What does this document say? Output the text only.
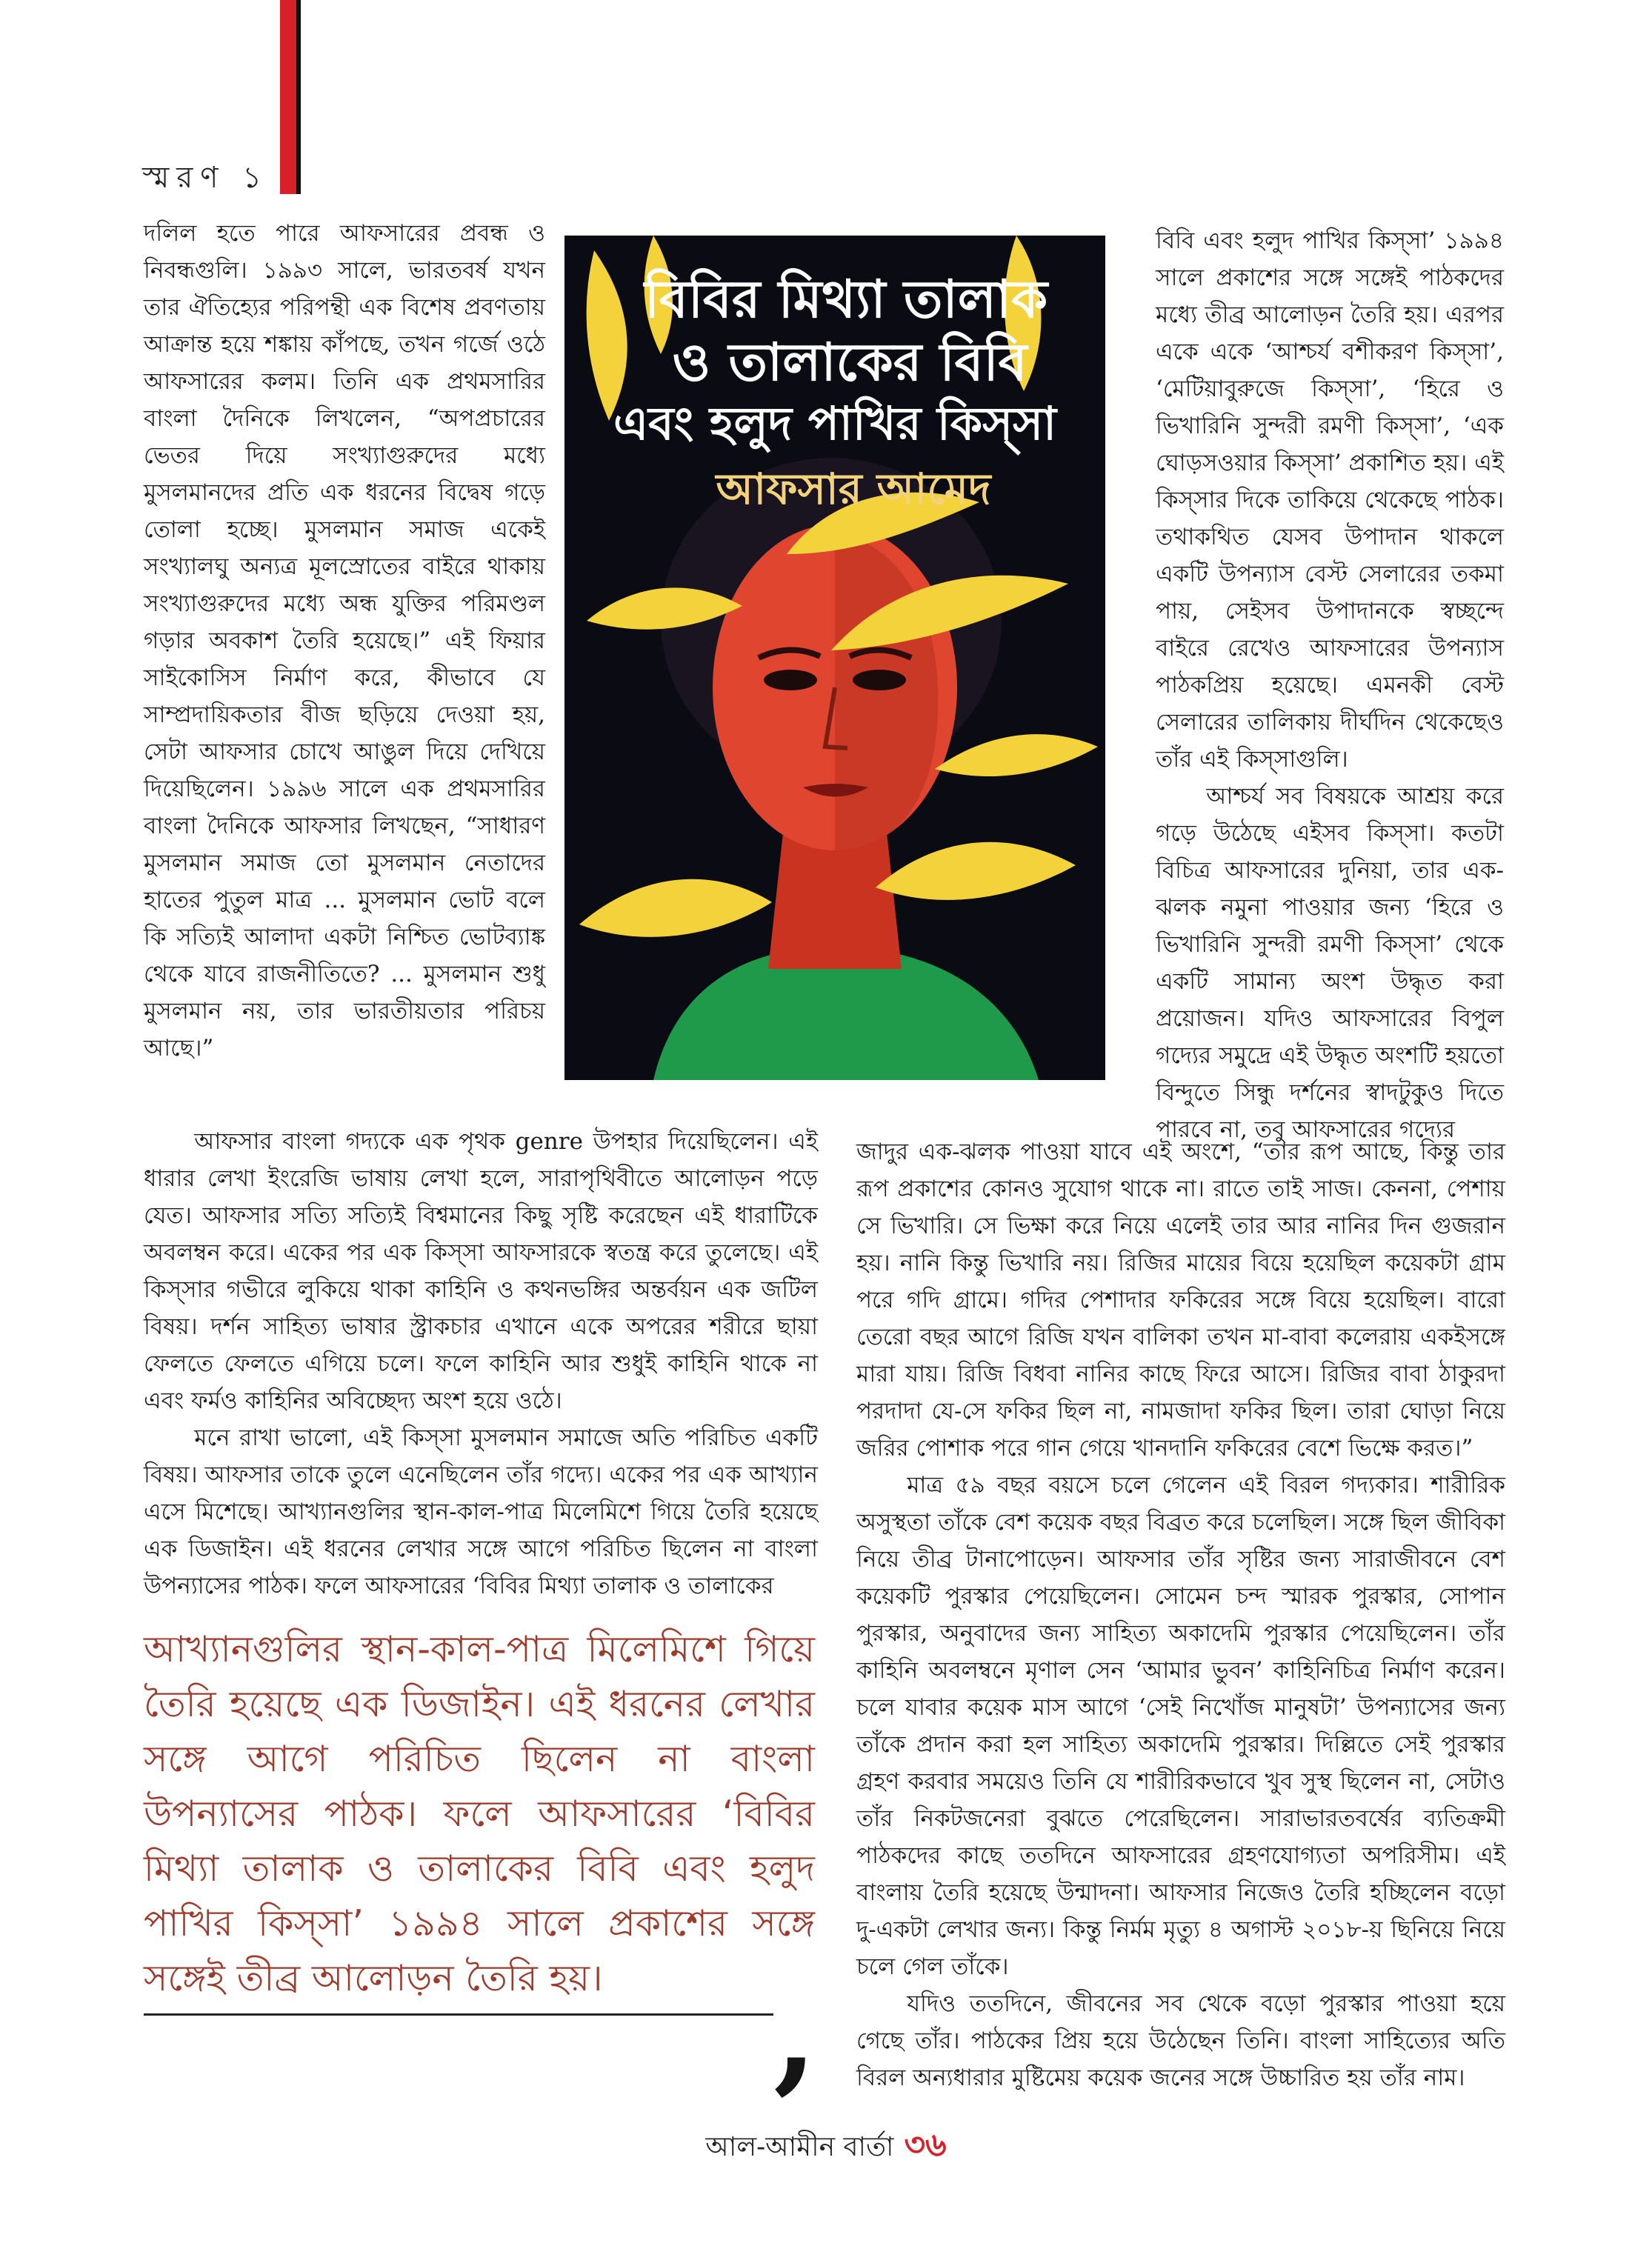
স্মরণ ১

দলিল হতে পারে আফসারের প্রবন্ধ ও নিবন্ধগুলি। ১৯৯৩ সালে, ভারতবর্ষ যখন তার ঐতিহ্যের পরিপন্থী এক বিশেষ প্রবণতায় আক্রান্ত হয়ে শঙ্কায় কাঁপছে, তখন গর্জে ওঠে আফসারের কলম। তিনি এক প্রথমসারির বাংলা দৈনিকে লিখলেন, “অপপ্রচারের ভেতর দিয়ে সংখ্যাগুরুদের মধ্যে মুসলমানদের প্রতি এক ধরনের বিদ্বেষ গড়ে তোলা হচ্ছে। মুসলমান সমাজ একেই সংখ্যালঘু অন্যত্র মূলস্রোতের বাইরে থাকায় সংখ্যাগুরুদের মধ্যে অন্ধ যুক্তির পরিমণ্ডল গড়ার অবকাশ তৈরি হয়েছে।” এই ফিয়ার সাইকোসিস নির্মাণ করে, কীভাবে যে সাম্প্রদায়িকতার বীজ ছড়িয়ে দেওয়া হয়, সেটা আফসার চোখে আঙুল দিয়ে দেখিয়ে দিয়েছিলেন। ১৯৯৬ সালে এক প্রথমসারির বাংলা দৈনিকে আফসার লিখছেন, “সাধারণ মুসলমান সমাজ তো মুসলমান নেতাদের হাতের পুতুল মাত্র ... মুসলমান ভোট বলে কি সত্যিই আলাদা একটা নিশ্চিত ভোটব্যাঙ্ক থেকে যাবে রাজনীতিতে? ... মুসলমান শুধু মুসলমান নয়, তার ভারতীয়তার পরিচয় আছে।”

বিবির মিথ্যা তালাক
ও তালাকের বিবি
এবং হলুদ পাখির কিস্‌সা
আফসার আমেদ

বিবি এবং হলুদ পাখির কিস্‌সা’ ১৯৯৪ সালে প্রকাশের সঙ্গে সঙ্গেই পাঠকদের মধ্যে তীব্র আলোড়ন তৈরি হয়। এরপর একে একে ‘আশ্চর্য বশীকরণ কিস্‌সা’, ‘মেটিয়াবুরুজে কিস্‌সা’, ‘হিরে ও ভিখারিনি সুন্দরী রমণী কিস্‌সা’, ‘এক ঘোড়সওয়ার কিস্‌সা’ প্রকাশিত হয়। এই কিস্‌সার দিকে তাকিয়ে থেকেছে পাঠক। তথাকথিত যেসব উপাদান থাকলে একটি উপন্যাস বেস্ট সেলারের তকমা পায়, সেইসব উপাদানকে স্বচ্ছন্দে বাইরে রেখেও আফসারের উপন্যাস পাঠকপ্রিয় হয়েছে। এমনকী বেস্ট সেলারের তালিকায় দীর্ঘদিন থেকেছেও তাঁর এই কিস্‌সাগুলি।

আশ্চর্য সব বিষয়কে আশ্রয় করে গড়ে উঠেছে এইসব কিস্‌সা। কতটা বিচিত্র আফসারের দুনিয়া, তার এক-ঝলক নমুনা পাওয়ার জন্য ‘হিরে ও ভিখারিনি সুন্দরী রমণী কিস্‌সা’ থেকে একটি সামান্য অংশ উদ্ধৃত করা প্রয়োজন। যদিও আফসারের বিপুল গদ্যের সমুদ্রে এই উদ্ধৃত অংশটি হয়তো বিন্দুতে সিন্ধু দর্শনের স্বাদটুকুও দিতে পারবে না, তবু আফসারের গদ্যের

আফসার বাংলা গদ্যকে এক পৃথক genre উপহার দিয়েছিলেন। এই ধারার লেখা ইংরেজি ভাষায় লেখা হলে, সারাপৃথিবীতে আলোড়ন পড়ে যেত। আফসার সত্যি সত্যিই বিশ্বমানের কিছু সৃষ্টি করেছেন এই ধারাটিকে অবলম্বন করে। একের পর এক কিস্‌সা আফসারকে স্বতন্ত্র করে তুলেছে। এই কিস্‌সার গভীরে লুকিয়ে থাকা কাহিনি ও কথনভঙ্গির অন্তর্বয়ন এক জটিল বিষয়। দর্শন সাহিত্য ভাষার স্ট্রাকচার এখানে একে অপরের শরীরে ছায়া ফেলতে ফেলতে এগিয়ে চলে। ফলে কাহিনি আর শুধুই কাহিনি থাকে না এবং ফর্মও কাহিনির অবিচ্ছেদ্য অংশ হয়ে ওঠে।

মনে রাখা ভালো, এই কিস্‌সা মুসলমান সমাজে অতি পরিচিত একটি বিষয়। আফসার তাকে তুলে এনেছিলেন তাঁর গদ্যে। একের পর এক আখ্যান এসে মিশেছে। আখ্যানগুলির স্থান-কাল-পাত্র মিলেমিশে গিয়ে তৈরি হয়েছে এক ডিজাইন। এই ধরনের লেখার সঙ্গে আগে পরিচিত ছিলেন না বাংলা উপন্যাসের পাঠক। ফলে আফসারের ‘বিবির মিথ্যা তালাক ও তালাকের

জাদুর এক-ঝলক পাওয়া যাবে এই অংশে, “তার রূপ আছে, কিন্তু তার রূপ প্রকাশের কোনও সুযোগ থাকে না। রাতে তাই সাজ। কেননা, পেশায় সে ভিখারি। সে ভিক্ষা করে নিয়ে এলেই তার আর নানির দিন গুজরান হয়। নানি কিন্তু ভিখারি নয়। রিজির মায়ের বিয়ে হয়েছিল কয়েকটা গ্রাম পরে গদি গ্রামে। গদির পেশাদার ফকিরের সঙ্গে বিয়ে হয়েছিল। বারো তেরো বছর আগে রিজি যখন বালিকা তখন মা-বাবা কলেরায় একইসঙ্গে মারা যায়। রিজি বিধবা নানির কাছে ফিরে আসে। রিজির বাবা ঠাকুরদা পরদাদা যে-সে ফকির ছিল না, নামজাদা ফকির ছিল। তারা ঘোড়া নিয়ে জরির পোশাক পরে গান গেয়ে খানদানি ফকিরের বেশে ভিক্ষে করত।”

মাত্র ৫৯ বছর বয়সে চলে গেলেন এই বিরল গদ্যকার। শারীরিক অসুস্থতা তাঁকে বেশ কয়েক বছর বিব্রত করে চলেছিল। সঙ্গে ছিল জীবিকা নিয়ে তীব্র টানাপোড়েন। আফসার তাঁর সৃষ্টির জন্য সারাজীবনে বেশ কয়েকটি পুরস্কার পেয়েছিলেন। সোমেন চন্দ স্মারক পুরস্কার, সোপান পুরস্কার, অনুবাদের জন্য সাহিত্য অকাদেমি পুরস্কার পেয়েছিলেন। তাঁর কাহিনি অবলম্বনে মৃণাল সেন ‘আমার ভুবন’ কাহিনিচিত্র নির্মাণ করেন। চলে যাবার কয়েক মাস আগে ‘সেই নিখোঁজ মানুষটা’ উপন্যাসের জন্য তাঁকে প্রদান করা হল সাহিত্য অকাদেমি পুরস্কার। দিল্লিতে সেই পুরস্কার গ্রহণ করবার সময়েও তিনি যে শারীরিকভাবে খুব সুস্থ ছিলেন না, সেটাও তাঁর নিকটজনেরা বুঝতে পেরেছিলেন। সারাভারতবর্ষের ব্যতিক্রমী পাঠকদের কাছে ততদিনে আফসারের গ্রহণযোগ্যতা অপরিসীম। এই বাংলায় তৈরি হয়েছে উন্মাদনা। আফসার নিজেও তৈরি হচ্ছিলেন বড়ো দু-একটা লেখার জন্য। কিন্তু নির্মম মৃত্যু ৪ অগাস্ট ২০১৮-য় ছিনিয়ে নিয়ে চলে গেল তাঁকে।

যদিও ততদিনে, জীবনের সব থেকে বড়ো পুরস্কার পাওয়া হয়ে গেছে তাঁর। পাঠকের প্রিয় হয়ে উঠেছেন তিনি। বাংলা সাহিত্যের অতি বিরল অন্যধারার মুষ্টিমেয় কয়েক জনের সঙ্গে উচ্চারিত হয় তাঁর নাম।

আখ্যানগুলির স্থান-কাল-পাত্র মিলেমিশে গিয়ে তৈরি হয়েছে এক ডিজাইন। এই ধরনের লেখার সঙ্গে আগে পরিচিত ছিলেন না বাংলা উপন্যাসের পাঠক। ফলে আফসারের ‘বিবির মিথ্যা তালাক ও তালাকের বিবি এবং হলুদ পাখির কিস্‌সা’ ১৯৯৪ সালে প্রকাশের সঙ্গে সঙ্গেই তীব্র আলোড়ন তৈরি হয়।	,
আল-আমীন বার্তা ৩৬
